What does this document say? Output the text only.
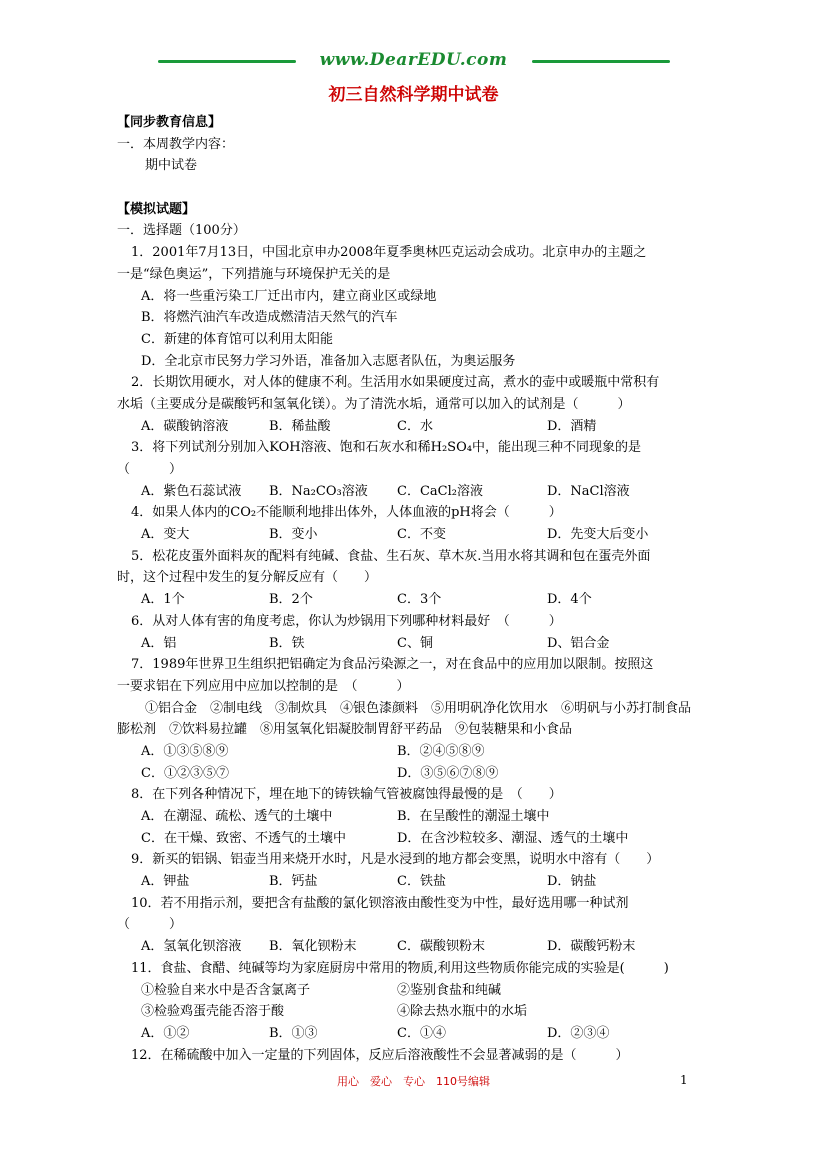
www.DearEDU.com
初三自然科学期中试卷
【同步教育信息】
一．本周教学内容：
期中试卷
【模拟试题】
一．选择题（100分）
1．2001年7月13日，中国北京申办2008年夏季奥林匹克运动会成功。北京申办的主题之
一是“绿色奥运”，下列措施与环境保护无关的是
A．将一些重污染工厂迁出市内，建立商业区或绿地
B．将燃汽油汽车改造成燃清洁天然气的汽车
C．新建的体育馆可以利用太阳能
D．全北京市民努力学习外语，准备加入志愿者队伍，为奥运服务
2．长期饮用硬水，对人体的健康不利。生活用水如果硬度过高，煮水的壶中或暖瓶中常积有
水垢（主要成分是碳酸钙和氢氧化镁）。为了清洗水垢，通常可以加入的试剂是（　　　）
A．碳酸钠溶液	B．稀盐酸	C．水	D．酒精
3．将下列试剂分别加入KOH溶液、饱和石灰水和稀H₂SO₄中，能出现三种不同现象的是
（　　　）
A．紫色石蕊试液	B．Na₂CO₃溶液	C．CaCl₂溶液	D．NaCl溶液
4．如果人体内的CO₂不能顺利地排出体外，人体血液的pH将会（　　　）
A．变大	B．变小	C．不变	D．先变大后变小
5．松花皮蛋外面料灰的配料有纯碱、食盐、生石灰、草木灰.当用水将其调和包在蛋壳外面
时，这个过程中发生的复分解反应有（　　）
A．1个	B．2个	C．3个	D．4个
6．从对人体有害的角度考虑，你认为炒锅用下列哪种材料最好　（　　　）
A．铝	B．铁	C、铜	D、铝合金
7．1989年世界卫生组织把铝确定为食品污染源之一，对在食品中的应用加以限制。按照这
一要求铝在下列应用中应加以控制的是　（　　　）
①铝合金　②制电线　③制炊具　④银色漆颜料　⑤用明矾净化饮用水　⑥明矾与小苏打制食品
膨松剂　⑦饮料易拉罐　⑧用氢氧化铝凝胶制胃舒平药品　⑨包装糖果和小食品
A．①③⑤⑧⑨	B．②④⑤⑧⑨
C．①②③⑤⑦	D．③⑤⑥⑦⑧⑨
8．在下列各种情况下，埋在地下的铸铁输气管被腐蚀得最慢的是　（　　）
A．在潮湿、疏松、透气的土壤中	B．在呈酸性的潮湿土壤中
C．在干燥、致密、不透气的土壤中	D．在含沙粒较多、潮湿、透气的土壤中
9．新买的铝锅、铝壶当用来烧开水时，凡是水浸到的地方都会变黑，说明水中溶有（　　）
A．钾盐	B．钙盐	C．铁盐	D．钠盐
10．若不用指示剂，要把含有盐酸的氯化钡溶液由酸性变为中性，最好选用哪一种试剂
（　　　）
A．氢氧化钡溶液	B．氧化钡粉末	C．碳酸钡粉末	D．碳酸钙粉末
11．食盐、食醋、纯碱等均为家庭厨房中常用的物质,利用这些物质你能完成的实验是(　　　)
①检验自来水中是否含氯离子	②鉴别食盐和纯碱
③检验鸡蛋壳能否溶于酸	④除去热水瓶中的水垢
A．①②	B．①③	C．①④	D．②③④
12．在稀硫酸中加入一定量的下列固体，反应后溶液酸性不会显著减弱的是（　　　）
用心　爱心　专心　110号编辑	1
